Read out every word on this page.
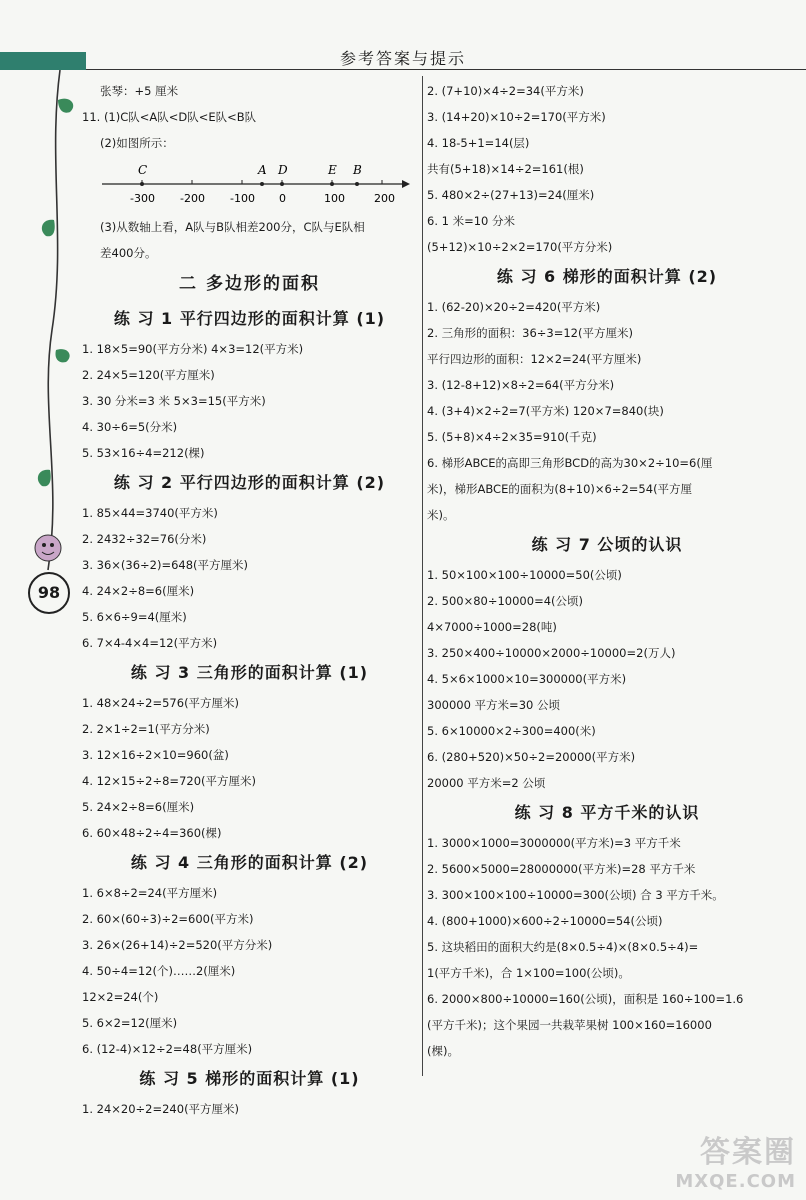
参考答案与提示
98
张琴：+5 厘米
11. (1)C队<A队<D队<E队<B队
(2)如图所示：
C	A D	E B
-300 -200 -100 0	100	200
(3)从数轴上看，A队与B队相差200分，C队与E队相
差400分。
二 多边形的面积
练 习 1 平行四边形的面积计算 (1)
1. 18×5=90(平方分米) 4×3=12(平方米)
2. 24×5=120(平方厘米)
3. 30 分米=3 米 5×3=15(平方米)
4. 30÷6=5(分米)
5. 53×16÷4=212(棵)
练 习 2 平行四边形的面积计算 (2)
1. 85×44=3740(平方米)
2. 2432÷32=76(分米)
3. 36×(36÷2)=648(平方厘米)
4. 24×2÷8=6(厘米)
5. 6×6÷9=4(厘米)
6. 7×4-4×4=12(平方米)
练 习 3 三角形的面积计算 (1)
1. 48×24÷2=576(平方厘米)
2. 2×1÷2=1(平方分米)
3. 12×16÷2×10=960(盆)
4. 12×15÷2÷8=720(平方厘米)
5. 24×2÷8=6(厘米)
6. 60×48÷2÷4=360(棵)
练 习 4 三角形的面积计算 (2)
1. 6×8÷2=24(平方厘米)
2. 60×(60÷3)÷2=600(平方米)
3. 26×(26+14)÷2=520(平方分米)
4. 50÷4=12(个)……2(厘米)
12×2=24(个)
5. 6×2=12(厘米)
6. (12-4)×12÷2=48(平方厘米)
练 习 5 梯形的面积计算 (1)
1. 24×20÷2=240(平方厘米)
2. (7+10)×4÷2=34(平方米)
3. (14+20)×10÷2=170(平方米)
4. 18-5+1=14(层)
共有(5+18)×14÷2=161(根)
5. 480×2÷(27+13)=24(厘米)
6. 1 米=10 分米
(5+12)×10÷2×2=170(平方分米)
练 习 6 梯形的面积计算 (2)
1. (62-20)×20÷2=420(平方米)
2. 三角形的面积：36÷3=12(平方厘米)
平行四边形的面积：12×2=24(平方厘米)
3. (12-8+12)×8÷2=64(平方分米)
4. (3+4)×2÷2=7(平方米) 120×7=840(块)
5. (5+8)×4÷2×35=910(千克)
6. 梯形ABCE的高即三角形BCD的高为30×2÷10=6(厘
米)，梯形ABCE的面积为(8+10)×6÷2=54(平方厘
米)。
练 习 7 公顷的认识
1. 50×100×100÷10000=50(公顷)
2. 500×80÷10000=4(公顷)
4×7000÷1000=28(吨)
3. 250×400÷10000×2000÷10000=2(万人)
4. 5×6×1000×10=300000(平方米)
300000 平方米=30 公顷
5. 6×10000×2÷300=400(米)
6. (280+520)×50÷2=20000(平方米)
20000 平方米=2 公顷
练 习 8 平方千米的认识
1. 3000×1000=3000000(平方米)=3 平方千米
2. 5600×5000=28000000(平方米)=28 平方千米
3. 300×100×100÷10000=300(公顷) 合 3 平方千米。
4. (800+1000)×600÷2÷10000=54(公顷)
5. 这块稻田的面积大约是(8×0.5÷4)×(8×0.5÷4)=
1(平方千米)，合 1×100=100(公顷)。
6. 2000×800÷10000=160(公顷)，面积是 160÷100=1.6
(平方千米)；这个果园一共栽苹果树 100×160=16000
(棵)。
答案圈
MXQE.COM
